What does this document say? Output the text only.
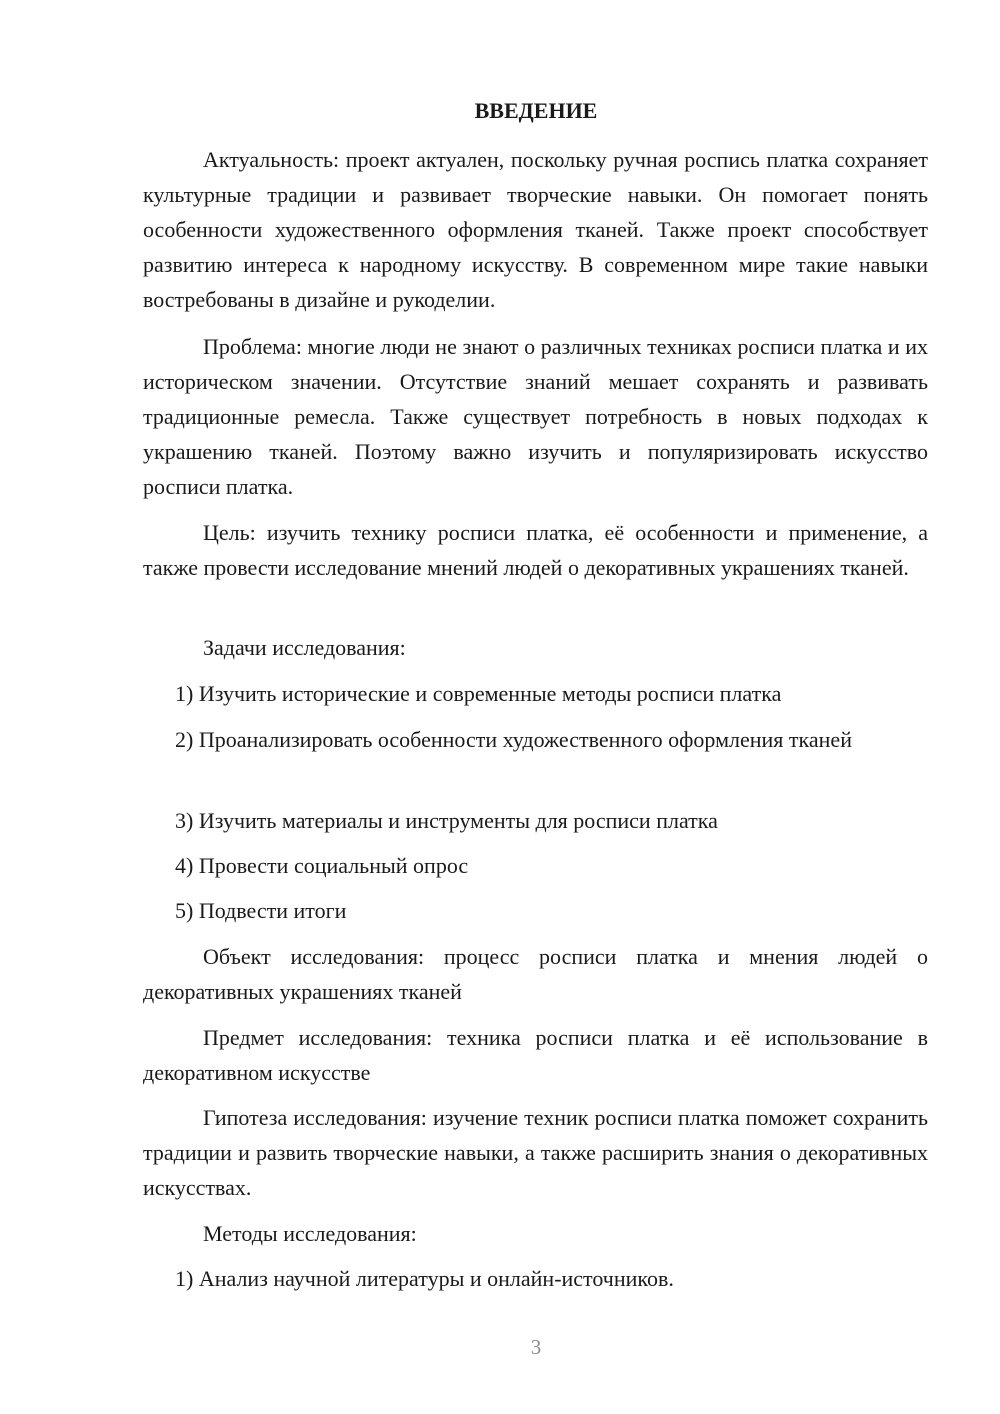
ВВЕДЕНИЕ

Актуальность: проект актуален, поскольку ручная роспись платка сохраняет культурные традиции и развивает творческие навыки. Он помогает понять особенности художественного оформления тканей. Также проект способствует развитию интереса к народному искусству. В современном мире такие навыки востребованы в дизайне и рукоделии.

Проблема: многие люди не знают о различных техниках росписи платка и их историческом значении. Отсутствие знаний мешает сохранять и развивать традиционные ремесла. Также существует потребность в новых подходах к украшению тканей. Поэтому важно изучить и популяризировать искусство росписи платка.

Цель: изучить технику росписи платка, её особенности и применение, а также провести исследование мнений людей о декоративных украшениях тканей.

Задачи исследования:

1) Изучить исторические и современные методы росписи платка

2) Проанализировать особенности художественного оформления тканей

3) Изучить материалы и инструменты для росписи платка

4) Провести социальный опрос

5) Подвести итоги

Объект исследования: процесс росписи платка и мнения людей о декоративных украшениях тканей

Предмет исследования: техника росписи платка и её использование в декоративном искусстве

Гипотеза исследования: изучение техник росписи платка поможет сохранить традиции и развить творческие навыки, а также расширить знания о декоративных искусствах.

Методы исследования:

1) Анализ научной литературы и онлайн-источников.

3
